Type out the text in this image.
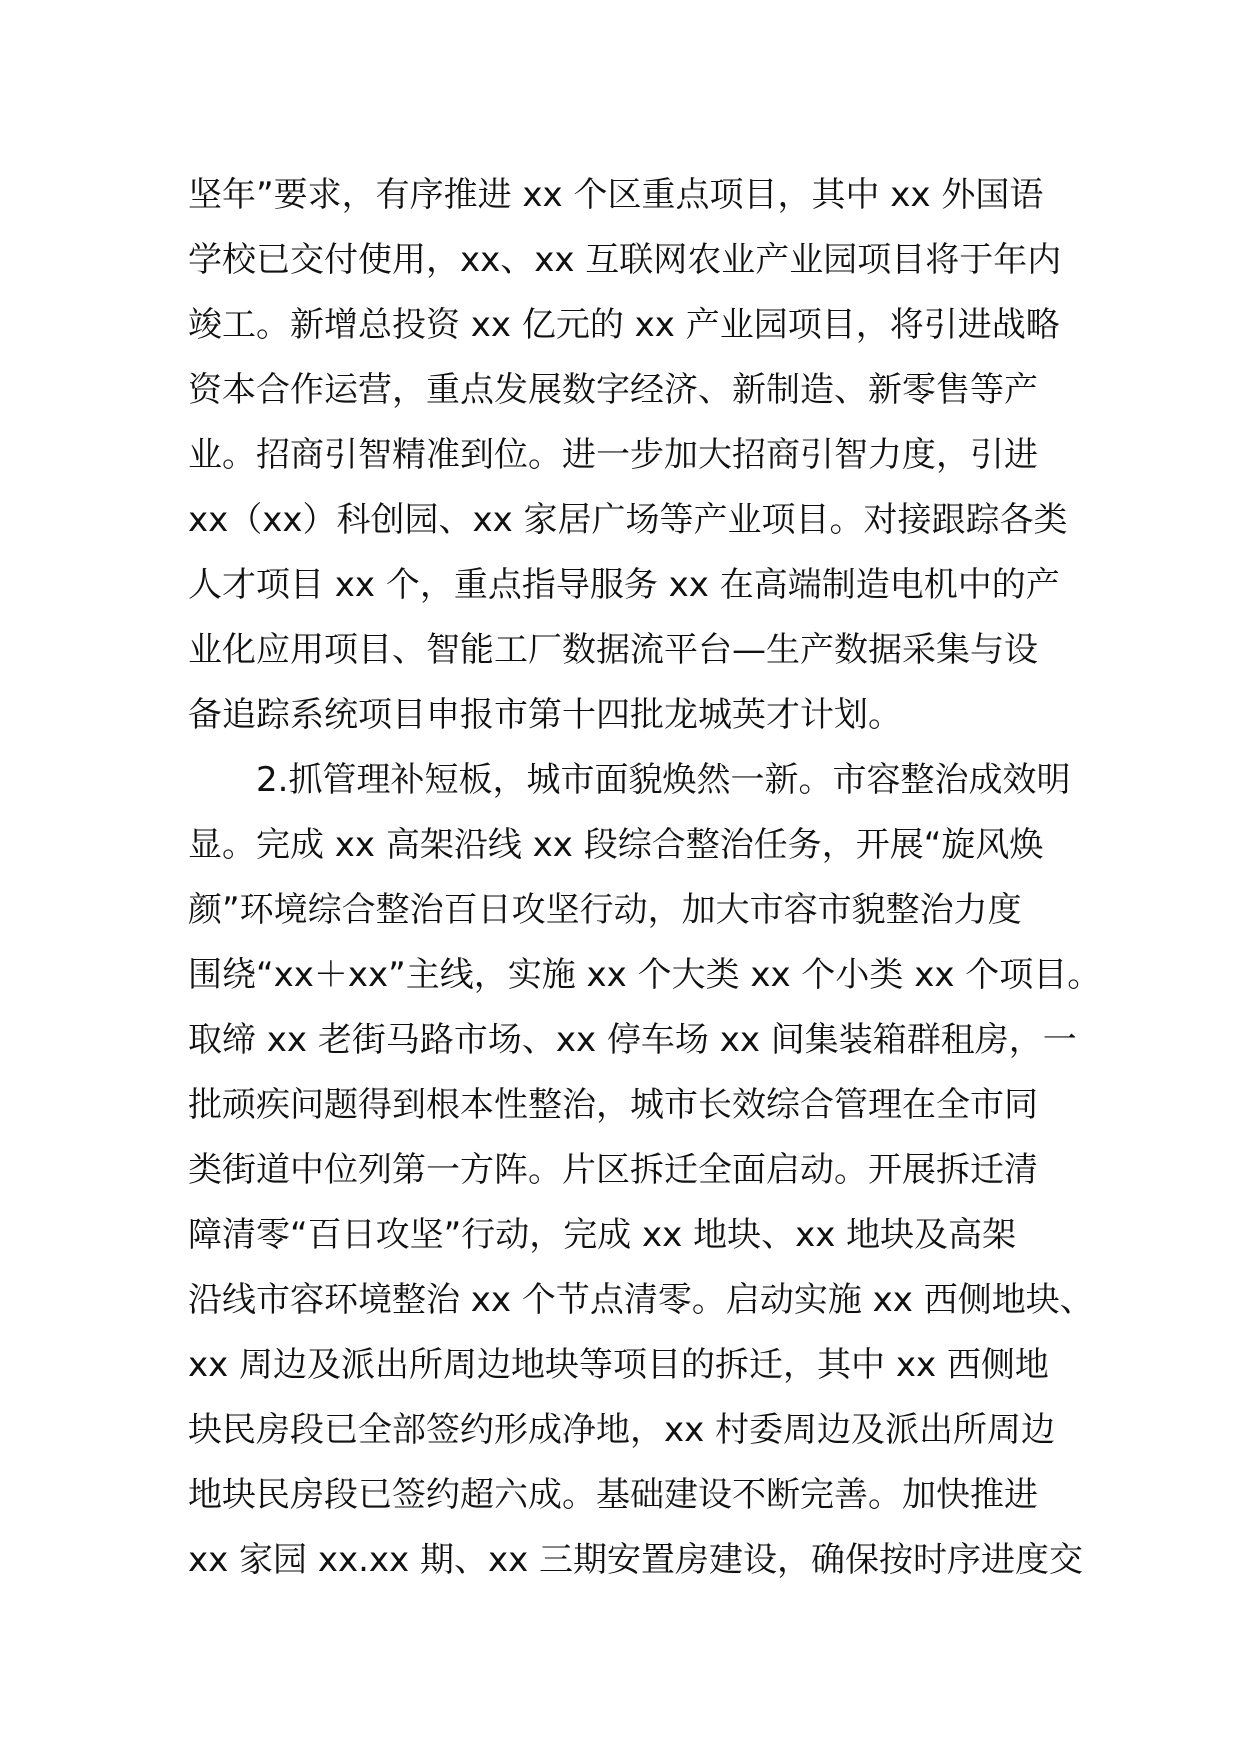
坚年”要求，有序推进 xx 个区重点项目，其中 xx 外国语
学校已交付使用，xx、xx 互联网农业产业园项目将于年内
竣工。新增总投资 xx 亿元的 xx 产业园项目，将引进战略
资本合作运营，重点发展数字经济、新制造、新零售等产
业。招商引智精准到位。进一步加大招商引智力度，引进
xx（xx）科创园、xx 家居广场等产业项目。对接跟踪各类
人才项目 xx 个，重点指导服务 xx 在高端制造电机中的产
业化应用项目、智能工厂数据流平台—生产数据采集与设
备追踪系统项目申报市第十四批龙城英才计划。
2.抓管理补短板，城市面貌焕然一新。市容整治成效明
显。完成 xx 高架沿线 xx 段综合整治任务，开展“旋风焕
颜”环境综合整治百日攻坚行动，加大市容市貌整治力度
围绕“xx＋xx”主线，实施 xx 个大类 xx 个小类 xx 个项目。
取缔 xx 老街马路市场、xx 停车场 xx 间集装箱群租房，一
批顽疾问题得到根本性整治，城市长效综合管理在全市同
类街道中位列第一方阵。片区拆迁全面启动。开展拆迁清
障清零“百日攻坚”行动，完成 xx 地块、xx 地块及高架
沿线市容环境整治 xx 个节点清零。启动实施 xx 西侧地块、
xx 周边及派出所周边地块等项目的拆迁，其中 xx 西侧地
块民房段已全部签约形成净地，xx 村委周边及派出所周边
地块民房段已签约超六成。基础建设不断完善。加快推进
xx 家园 xx.xx 期、xx 三期安置房建设，确保按时序进度交
